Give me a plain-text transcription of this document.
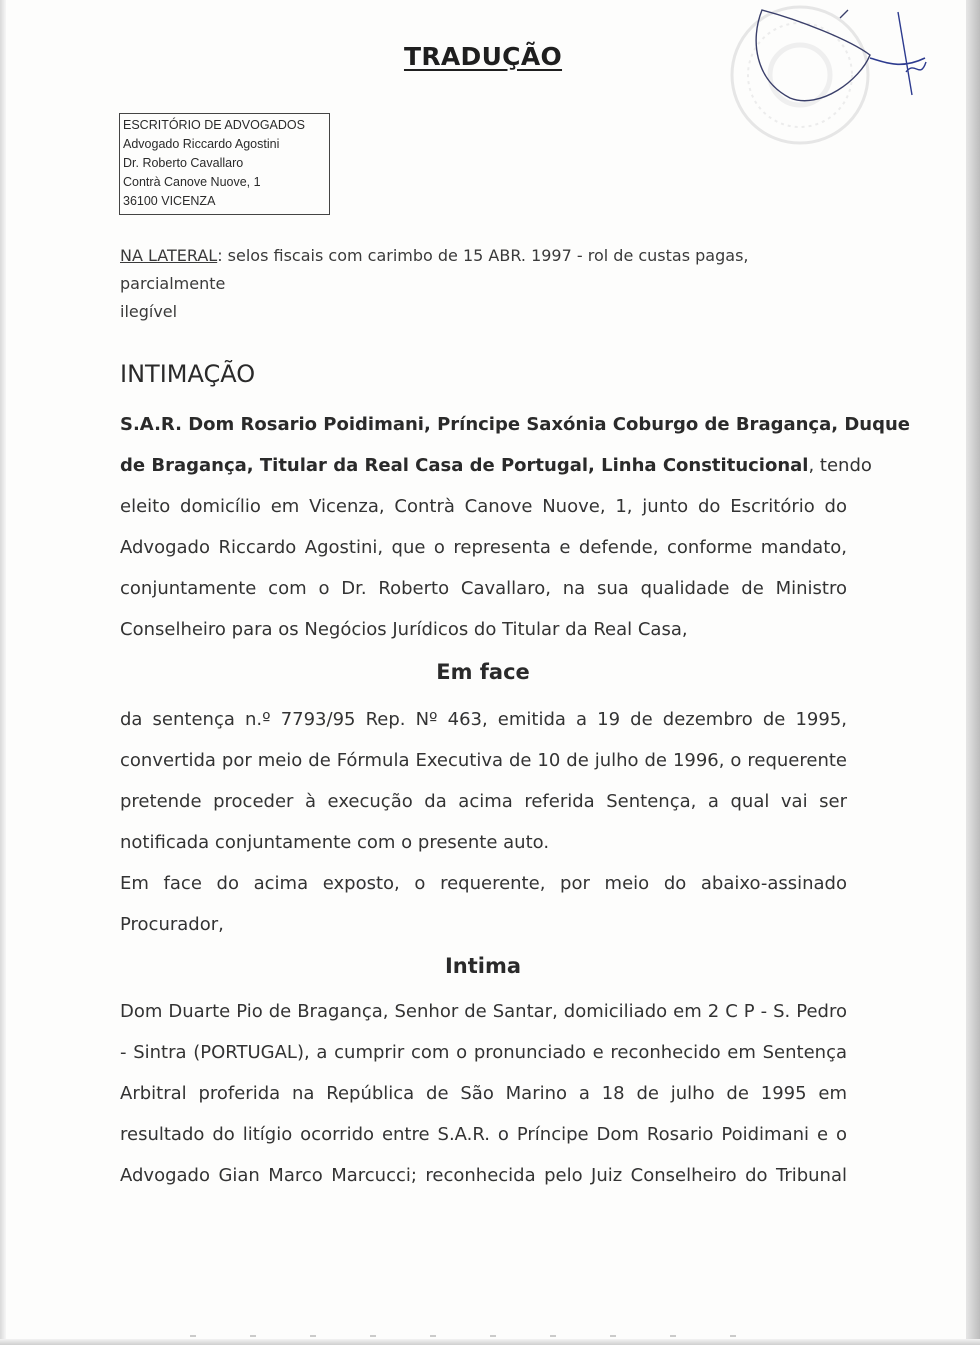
TRADUÇÃO
ESCRITÓRIO DE ADVOGADOS
Advogado Riccardo Agostini
Dr. Roberto Cavallaro
Contrà Canove Nuove, 1
36100 VICENZA
NA LATERAL: selos fiscais com carimbo de 15 ABR. 1997 - rol de custas pagas, parcialmente
ilegível
INTIMAÇÃO
S.A.R. Dom Rosario Poidimani, Príncipe Saxónia Coburgo de Bragança, Duque
de Bragança, Titular da Real Casa de Portugal, Linha Constitucional, tendo
eleito domicílio em Vicenza, Contrà Canove Nuove, 1, junto do Escritório do
Advogado Riccardo Agostini, que o representa e defende, conforme mandato,
conjuntamente com o Dr. Roberto Cavallaro, na sua qualidade de Ministro
Conselheiro para os Negócios Jurídicos do Titular da Real Casa,
Em face
da sentença n.º 7793/95 Rep. Nº 463, emitida a 19 de dezembro de 1995,
convertida por meio de Fórmula Executiva de 10 de julho de 1996, o requerente
pretende proceder à execução da acima referida Sentença, a qual vai ser
notificada conjuntamente com o presente auto.
Em face do acima exposto, o requerente, por meio do abaixo-assinado
Procurador,
Intima
Dom Duarte Pio de Bragança, Senhor de Santar, domiciliado em 2 C P - S. Pedro
- Sintra (PORTUGAL), a cumprir com o pronunciado e reconhecido em Sentença
Arbitral proferida na República de São Marino a 18 de julho de 1995 em
resultado do litígio ocorrido entre S.A.R. o Príncipe Dom Rosario Poidimani e o
Advogado Gian Marco Marcucci; reconhecida pelo Juiz Conselheiro do Tribunal
